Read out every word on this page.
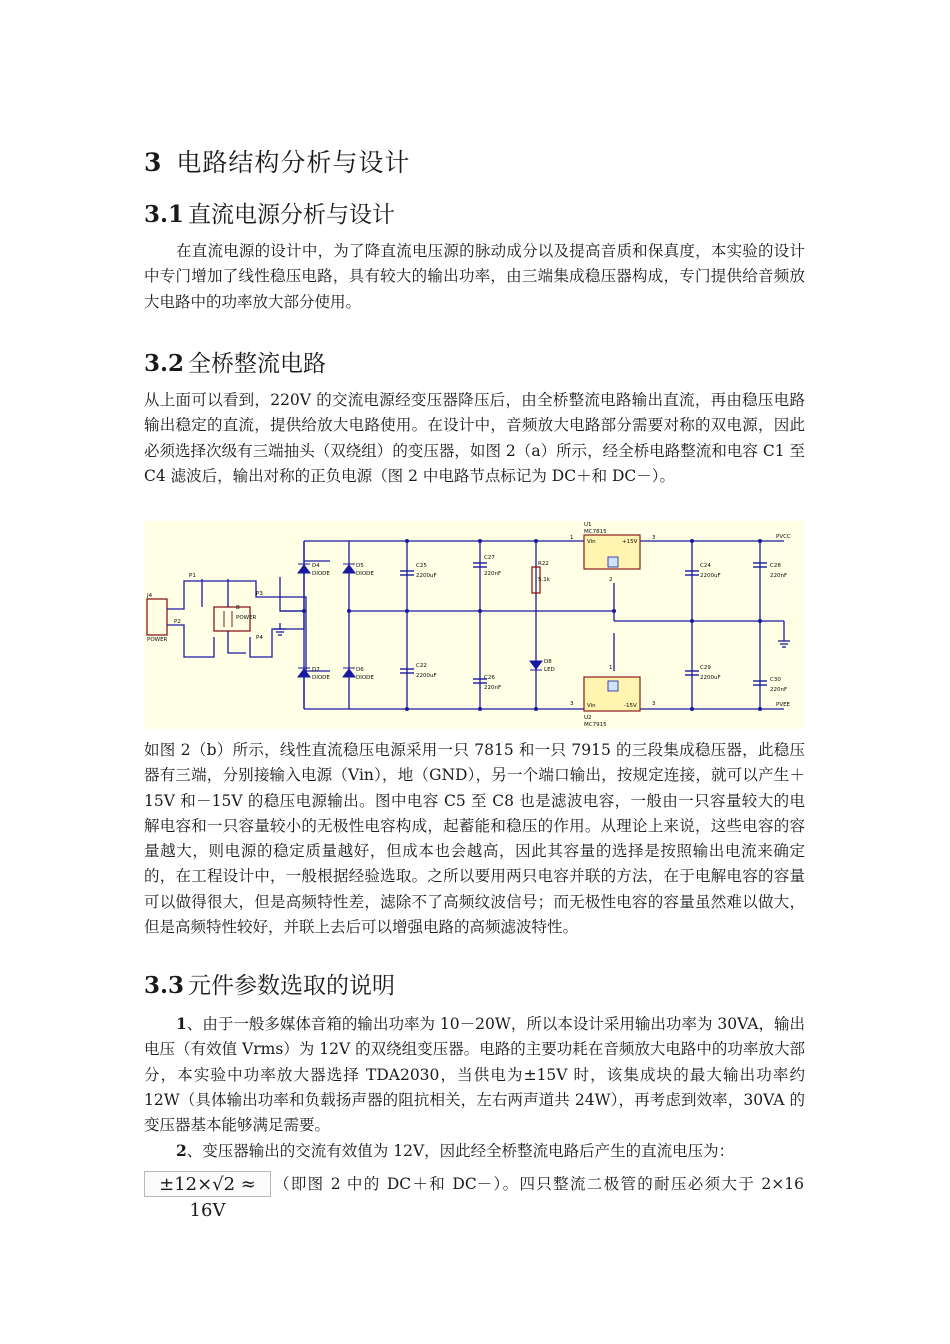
3 电路结构分析与设计
3.1 直流电源分析与设计

在直流电源的设计中，为了降直流电压源的脉动成分以及提高音质和保真度，本实验的设计中专门增加了线性稳压电路，具有较大的输出功率，由三端集成稳压器构成，专门提供给音频放大电路中的功率放大部分使用。

3.2 全桥整流电路

从上面可以看到，220V 的交流电源经变压器降压后，由全桥整流电路输出直流，再由稳压电路输出稳定的直流，提供给放大电路使用。在设计中，音频放大电路部分需要对称的双电源，因此必须选择次级有三端抽头（双绕组）的变压器，如图 2（a）所示，经全桥电路整流和电容 C1 至 C4 滤波后，输出对称的正负电源（图 2 中电路节点标记为 DC＋和 DC－）。

J4
POWER
P1
P2
P3
P4
B
POWER
D4
DIODE
D5
DIODE
D7
DIODE
D6
DIODE
C25
2200uF
C27
220nF
C22
2200uF	C26
220nF
R22
5.1k
D8
LED
U1
MC7815
Vin	+15V
U2
MC7915
Vin	-15V
1	3
2
3	3
1
C24
2200uF
C28
220nF
C29
2200uF	C30
220nF
PVCC
PVEE

如图 2（b）所示，线性直流稳压电源采用一只 7815 和一只 7915 的三段集成稳压器，此稳压器有三端，分别接输入电源（Vin），地（GND），另一个端口输出，按规定连接，就可以产生＋15V 和－15V 的稳压电源输出。图中电容 C5 至 C8 也是滤波电容，一般由一只容量较大的电解电容和一只容量较小的无极性电容构成，起蓄能和稳压的作用。从理论上来说，这些电容的容量越大，则电源的稳定质量越好，但成本也会越高，因此其容量的选择是按照输出电流来确定的，在工程设计中，一般根据经验选取。之所以要用两只电容并联的方法，在于电解电容的容量可以做得很大，但是高频特性差，滤除不了高频纹波信号；而无极性电容的容量虽然难以做大，但是高频特性较好，并联上去后可以增强电路的高频滤波特性。

3.3 元件参数选取的说明

1、由于一般多媒体音箱的输出功率为 10－20W，所以本设计采用输出功率为 30VA，输出电压（有效值 Vrms）为 12V 的双绕组变压器。电路的主要功耗在音频放大电路中的功率放大部分，本实验中功率放大器选择 TDA2030，当供电为±15V 时，该集成块的最大输出功率约 12W（具体输出功率和负载扬声器的阻抗相关，左右两声道共 24W），再考虑到效率，30VA 的变压器基本能够满足需要。

2、变压器输出的交流有效值为 12V，因此经全桥整流电路后产生的直流电压为：

±12×√2 ≈ 16V
（即图 2 中的 DC＋和 DC－）。四只整流二极管的耐压必须大于 2×16
